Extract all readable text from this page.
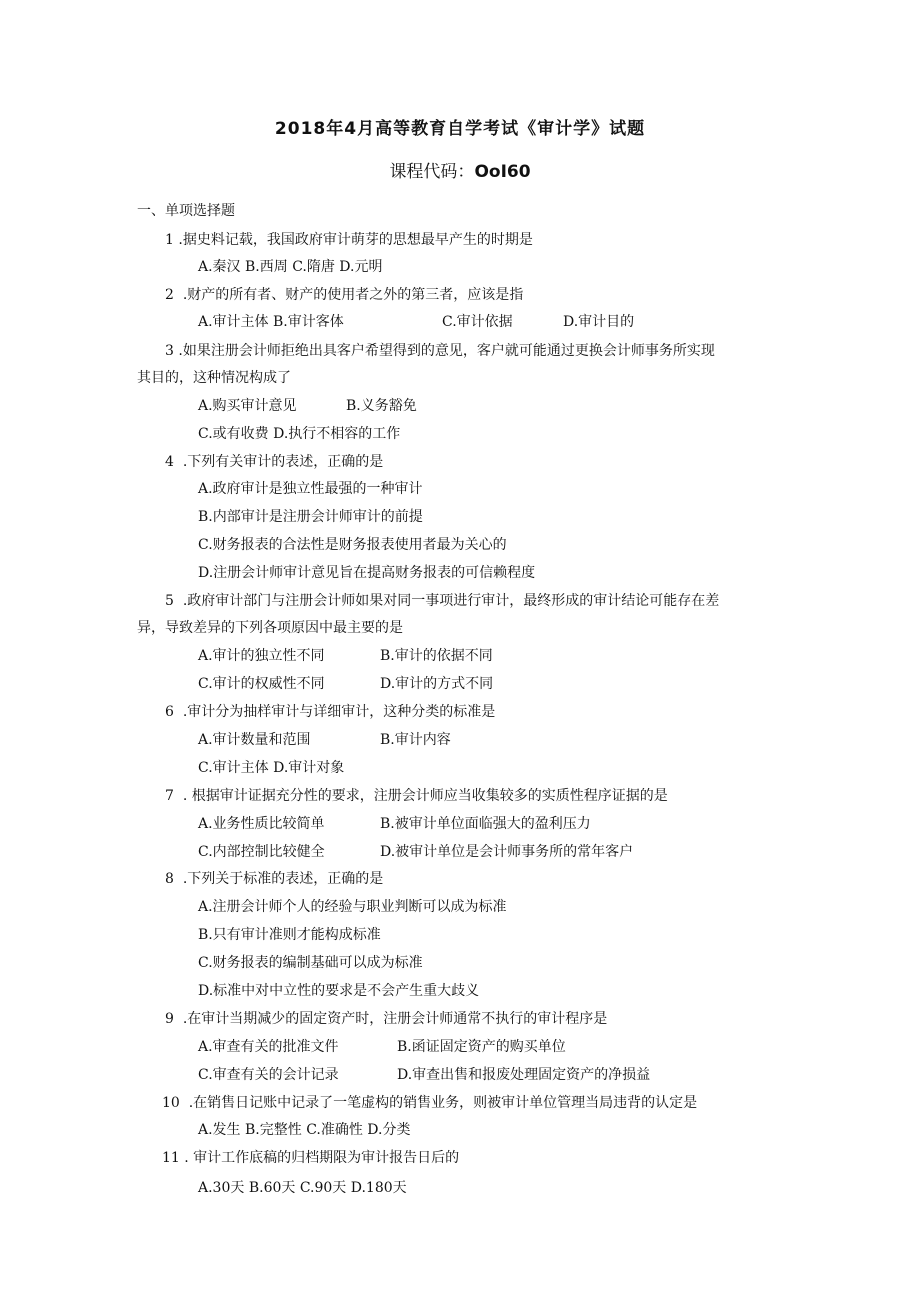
2018年4月高等教育自学考试《审计学》试题
课程代码：OoI60
一、单项选择题
1 .据史料记载，我国政府审计萌芽的思想最早产生的时期是
A.秦汉 B.西周 C.隋唐 D.元明
2 .财产的所有者、财产的使用者之外的第三者，应该是指
A.审计主体 B.审计客体	C.审计依据	D.审计目的
3 .如果注册会计师拒绝出具客户希望得到的意见，客户就可能通过更换会计师事务所实现
其目的，这种情况构成了
A.购买审计意见	B.义务豁免
C.或有收费 D.执行不相容的工作
4 .下列有关审计的表述，正确的是
A.政府审计是独立性最强的一种审计
B.内部审计是注册会计师审计的前提
C.财务报表的合法性是财务报表使用者最为关心的
D.注册会计师审计意见旨在提高财务报表的可信赖程度
5 .政府审计部门与注册会计师如果对同一事项进行审计，最终形成的审计结论可能存在差
异，导致差异的下列各项原因中最主要的是
A.审计的独立性不同	B.审计的依据不同
C.审计的权威性不同	D.审计的方式不同
6 .审计分为抽样审计与详细审计，这种分类的标准是
A.审计数量和范围	B.审计内容
C.审计主体 D.审计对象
7 . 根据审计证据充分性的要求，注册会计师应当收集较多的实质性程序证据的是
A.业务性质比较简单	B.被审计单位面临强大的盈利压力
C.内部控制比较健全	D.被审计单位是会计师事务所的常年客户
8 .下列关于标准的表述，正确的是
A.注册会计师个人的经验与职业判断可以成为标准
B.只有审计准则才能构成标准
C.财务报表的编制基础可以成为标准
D.标准中对中立性的要求是不会产生重大歧义
9 .在审计当期减少的固定资产时，注册会计师通常不执行的审计程序是
A.审查有关的批准文件	B.函证固定资产的购买单位
C.审查有关的会计记录	D.审查出售和报废处理固定资产的净损益
10 .在销售日记账中记录了一笔虚构的销售业务，则被审计单位管理当局违背的认定是
A.发生 B.完整性 C.准确性 D.分类
11 . 审计工作底稿的归档期限为审计报告日后的
A.30天 B.60天 C.90天 D.180天
